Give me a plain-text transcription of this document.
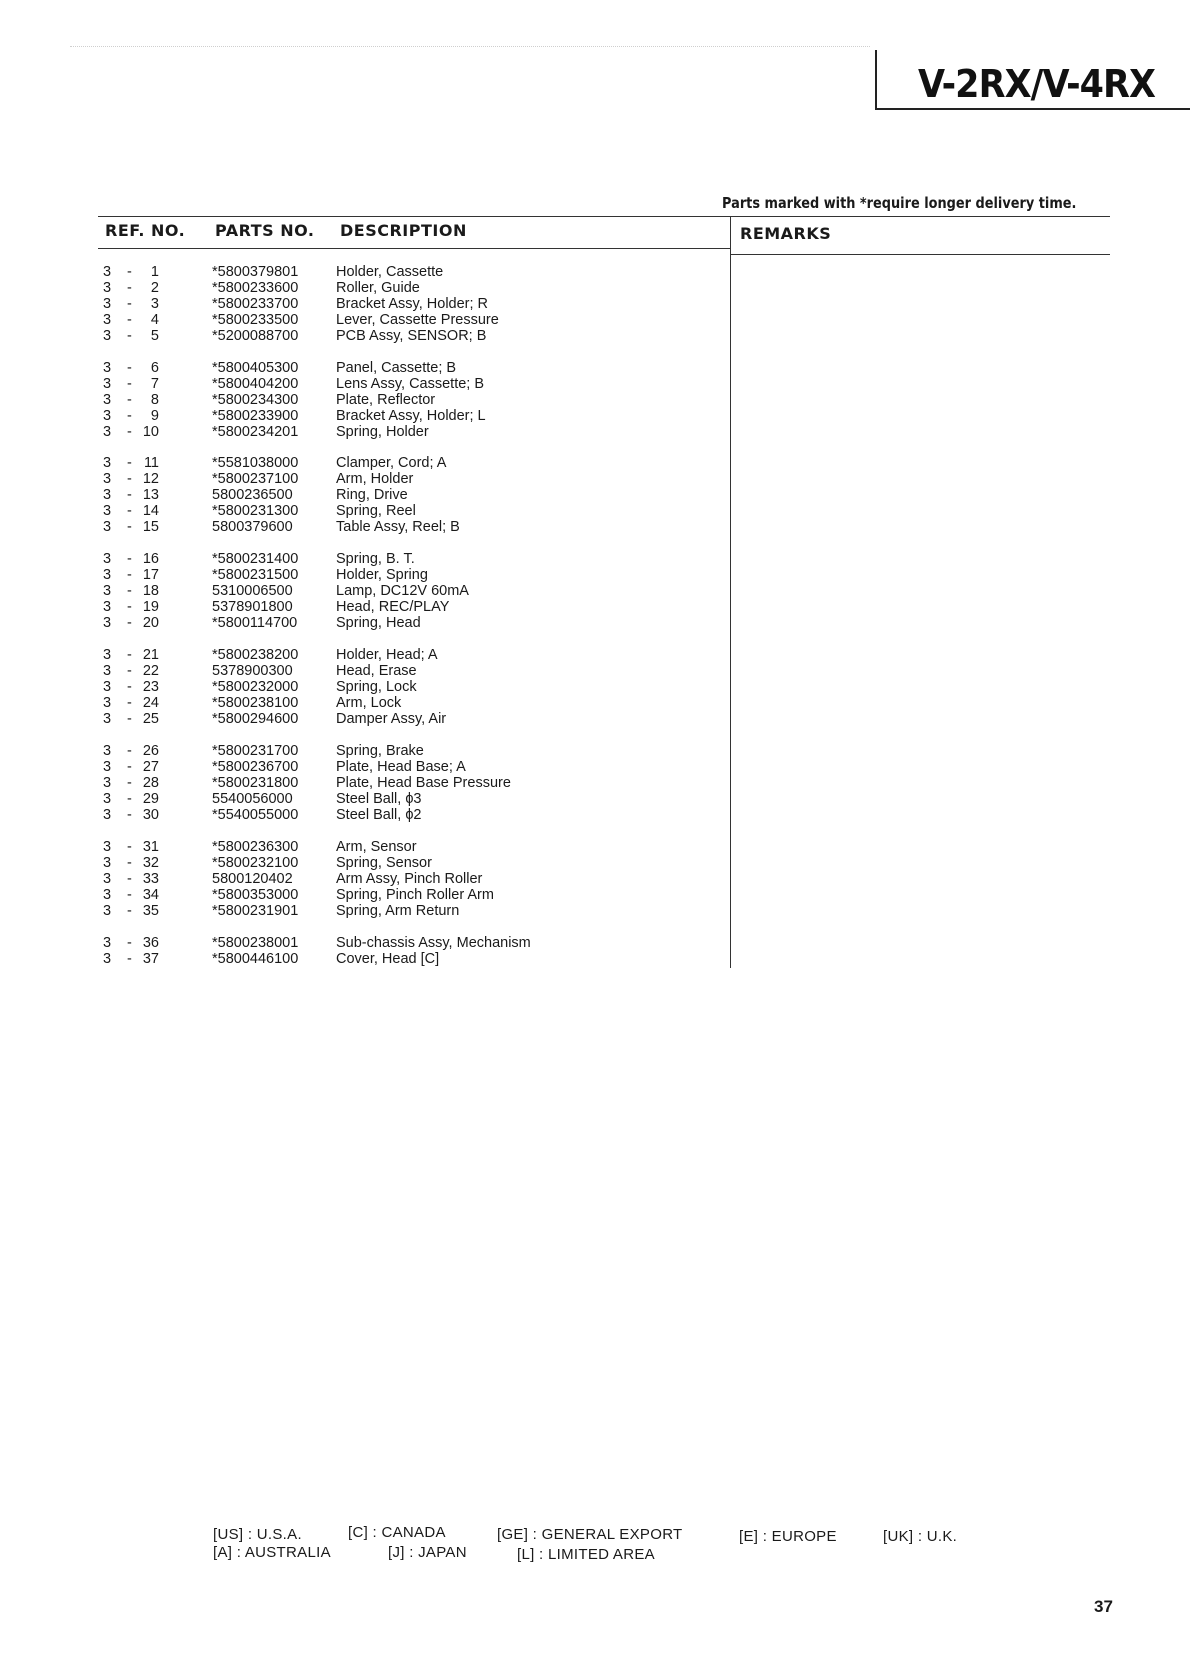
V-2RX/V-4RX
Parts marked with *require longer delivery time.
REF. NO. PARTS NO. DESCRIPTION	REMARKS
3 -	1	*5800379801	Holder, Cassette
3 -	2	*5800233600	Roller, Guide
3 -	3	*5800233700	Bracket Assy, Holder; R
3 -	4	*5800233500	Lever, Cassette Pressure
3 -	5	*5200088700	PCB Assy, SENSOR; B
3 -	6	*5800405300	Panel, Cassette; B
3 -	7	*5800404200	Lens Assy, Cassette; B
3 -	8	*5800234300	Plate, Reflector
3 -	9	*5800233900	Bracket Assy, Holder; L
3 - 10	*5800234201	Spring, Holder
3 - 11	*5581038000	Clamper, Cord; A
3 - 12	*5800237100	Arm, Holder
3 - 13	5800236500	Ring, Drive
3 - 14	*5800231300	Spring, Reel
3 - 15	5800379600	Table Assy, Reel; B
3 - 16	*5800231400	Spring, B. T.
3 - 17	*5800231500	Holder, Spring
3 - 18	5310006500	Lamp, DC12V 60mA
3 - 19	5378901800	Head, REC/PLAY
3 - 20	*5800114700	Spring, Head
3 - 21	*5800238200	Holder, Head; A
3 - 22	5378900300	Head, Erase
3 - 23	*5800232000	Spring, Lock
3 - 24	*5800238100	Arm, Lock
3 - 25	*5800294600	Damper Assy, Air
3 - 26	*5800231700	Spring, Brake
3 - 27	*5800236700	Plate, Head Base; A
3 - 28	*5800231800	Plate, Head Base Pressure
3 - 29	5540056000	Steel Ball, ϕ3
3 - 30	*5540055000	Steel Ball, ϕ2
3 - 31	*5800236300	Arm, Sensor
3 - 32	*5800232100	Spring, Sensor
3 - 33	5800120402	Arm Assy, Pinch Roller
3 - 34	*5800353000	Spring, Pinch Roller Arm
3 - 35	*5800231901	Spring, Arm Return
3 - 36	*5800238001	Sub-chassis Assy, Mechanism
3 - 37	*5800446100	Cover, Head [C]
[US] : U.S.A.	[C] : CANADA	[GE] : GENERAL EXPORT	[E] : EUROPE	[UK] : U.K.
[A] : AUSTRALIA	[J] : JAPAN	[L] : LIMITED AREA
37
